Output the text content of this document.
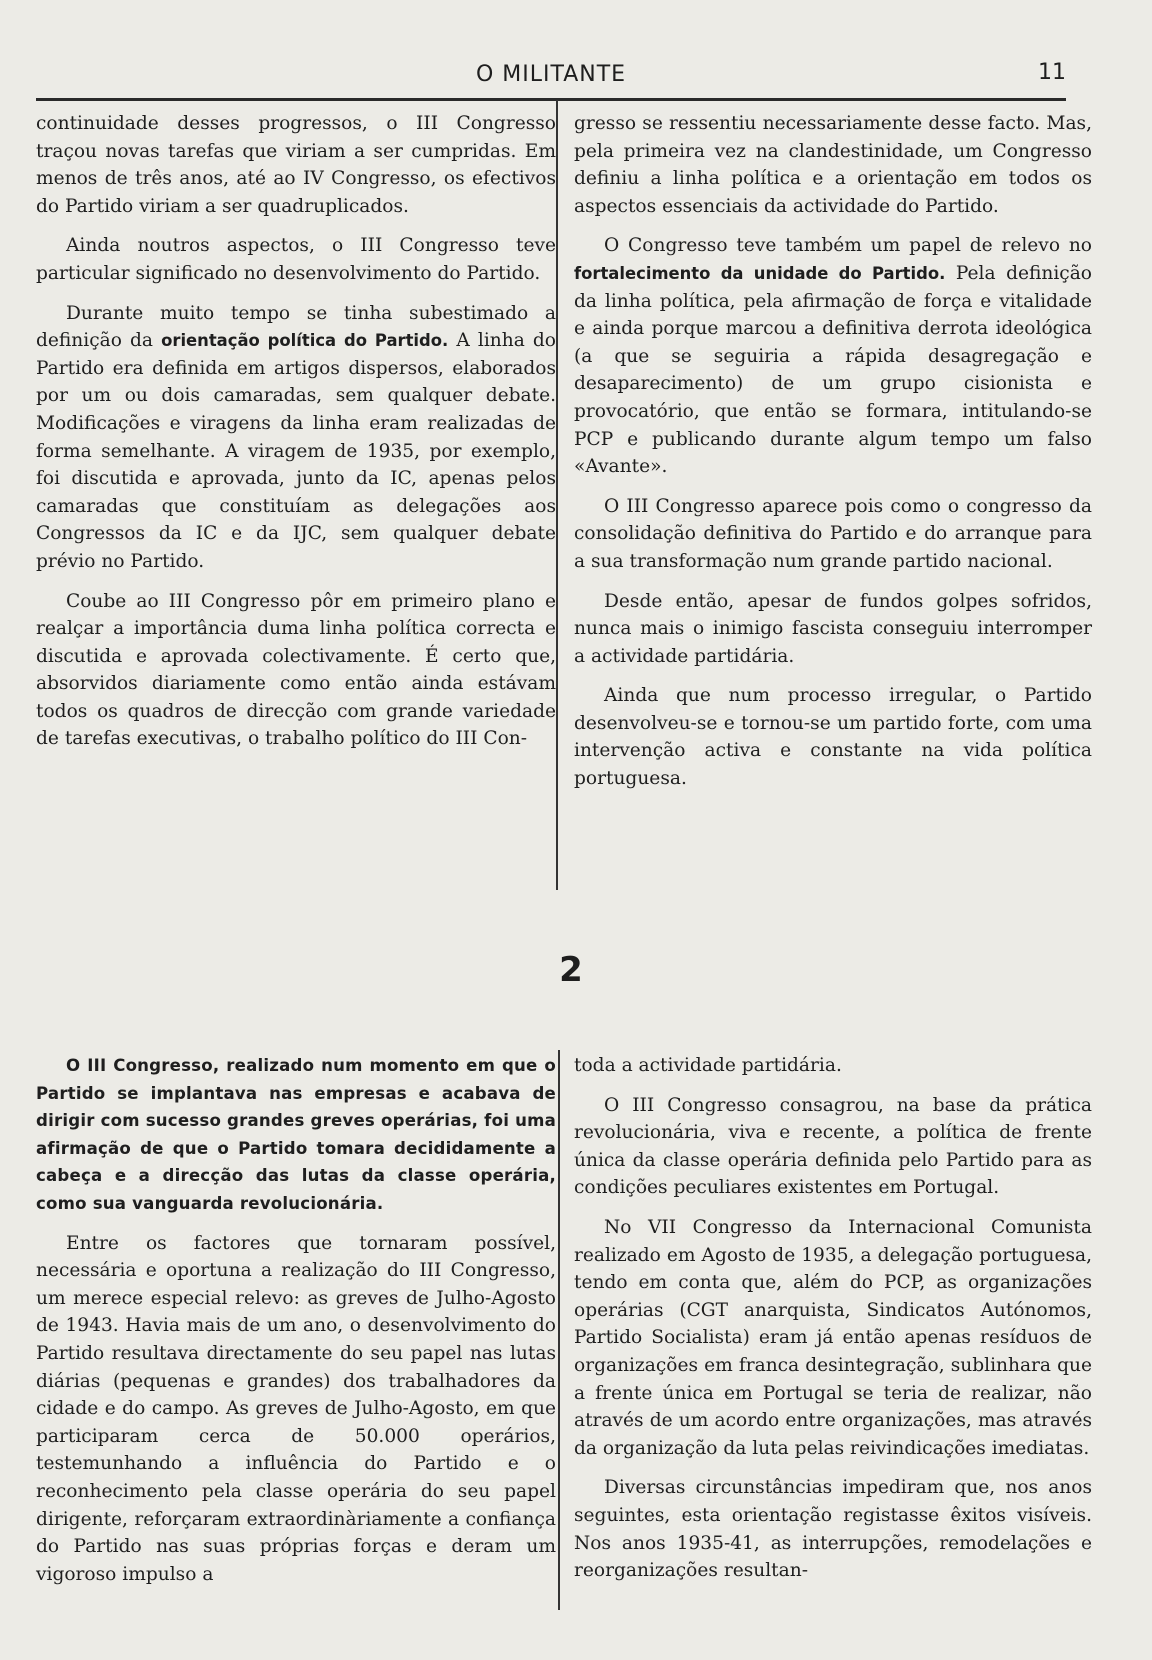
O MILITANTE	11

continuidade desses progressos, o III Congresso traçou novas tarefas que viriam a ser cumpridas. Em menos de três anos, até ao IV Congresso, os efectivos do Partido viriam a ser quadruplicados.

Ainda noutros aspectos, o III Congresso teve particular significado no desenvolvimento do Partido.

Durante muito tempo se tinha subestimado a definição da orientação política do Partido. A linha do Partido era definida em artigos dispersos, elaborados por um ou dois camaradas, sem qualquer debate. Modificações e viragens da linha eram realizadas de forma semelhante. A viragem de 1935, por exemplo, foi discutida e aprovada, junto da IC, apenas pelos camaradas que constituíam as delegações aos Congressos da IC e da IJC, sem qualquer debate prévio no Partido.

Coube ao III Congresso pôr em primeiro plano e realçar a importância duma linha política correcta e discutida e aprovada colectivamente. É certo que, absorvidos diariamente como então ainda estávam todos os quadros de direcção com grande variedade de tarefas executivas, o trabalho político do III Con-

gresso se ressentiu necessariamente desse facto. Mas, pela primeira vez na clandestinidade, um Congresso definiu a linha política e a orientação em todos os aspectos essenciais da actividade do Partido.

O Congresso teve também um papel de relevo no fortalecimento da unidade do Partido. Pela definição da linha política, pela afirmação de força e vitalidade e ainda porque marcou a definitiva derrota ideológica (a que se seguiria a rápida desagregação e desaparecimento) de um grupo cisionista e provocatório, que então se formara, intitulando-se PCP e publicando durante algum tempo um falso «Avante».

O III Congresso aparece pois como o congresso da consolidação definitiva do Partido e do arranque para a sua transformação num grande partido nacional.

Desde então, apesar de fundos golpes sofridos, nunca mais o inimigo fascista conseguiu interromper a actividade partidária.

Ainda que num processo irregular, o Partido desenvolveu-se e tornou-se um partido forte, com uma intervenção activa e constante na vida política portuguesa.

2

O III Congresso, realizado num momento em que o Partido se implantava nas empresas e acabava de dirigir com sucesso grandes greves operárias, foi uma afirmação de que o Partido tomara decididamente a cabeça e a direcção das lutas da classe operária, como sua vanguarda revolucionária.

Entre os factores que tornaram possível, necessária e oportuna a realização do III Congresso, um merece especial relevo: as greves de Julho-Agosto de 1943. Havia mais de um ano, o desenvolvimento do Partido resultava directamente do seu papel nas lutas diárias (pequenas e grandes) dos trabalhadores da cidade e do campo. As greves de Julho-Agosto, em que participaram cerca de 50.000 operários, testemunhando a influência do Partido e o reconhecimento pela classe operária do seu papel dirigente, reforçaram extraordinàriamente a confiança do Partido nas suas próprias forças e deram um vigoroso impulso a

toda a actividade partidária.

O III Congresso consagrou, na base da prática revolucionária, viva e recente, a política de frente única da classe operária definida pelo Partido para as condições peculiares existentes em Portugal.

No VII Congresso da Internacional Comunista realizado em Agosto de 1935, a delegação portuguesa, tendo em conta que, além do PCP, as organizações operárias (CGT anarquista, Sindicatos Autónomos, Partido Socialista) eram já então apenas resíduos de organizações em franca desintegração, sublinhara que a frente única em Portugal se teria de realizar, não através de um acordo entre organizações, mas através da organização da luta pelas reivindicações imediatas.

Diversas circunstâncias impediram que, nos anos seguintes, esta orientação registasse êxitos visíveis. Nos anos 1935-41, as interrupções, remodelações e reorganizações resultan-
